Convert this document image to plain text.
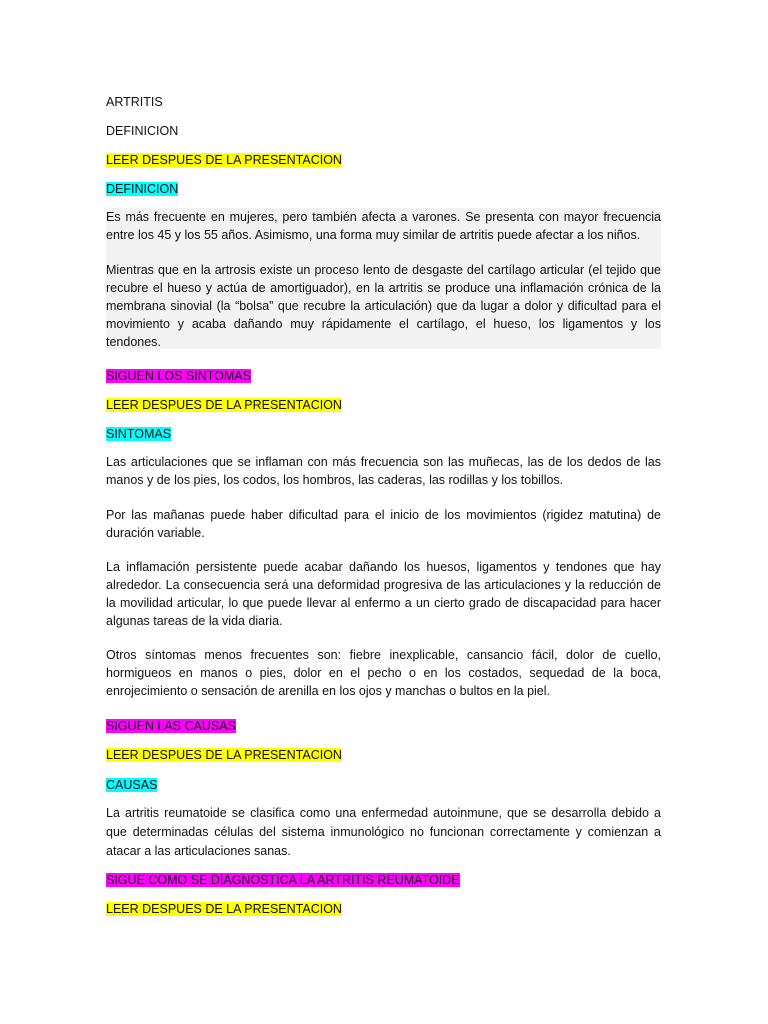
ARTRITIS
DEFINICION
LEER DESPUES DE LA PRESENTACION
DEFINICION
Es más frecuente en mujeres, pero también afecta a varones. Se presenta con mayor frecuencia entre los 45 y los 55 años. Asimismo, una forma muy similar de artritis puede afectar a los niños.
Mientras que en la artrosis existe un proceso lento de desgaste del cartílago articular (el tejido que recubre el hueso y actúa de amortiguador), en la artritis se produce una inflamación crónica de la membrana sinovial (la “bolsa” que recubre la articulación) que da lugar a dolor y dificultad para el movimiento y acaba dañando muy rápidamente el cartílago, el hueso, los ligamentos y los tendones.
SIGUEN LOS SINTOMAS
LEER DESPUES DE LA PRESENTACION
SINTOMAS
Las articulaciones que se inflaman con más frecuencia son las muñecas, las de los dedos de las manos y de los pies, los codos, los hombros, las caderas, las rodillas y los tobillos.
Por las mañanas puede haber dificultad para el inicio de los movimientos (rigidez matutina) de duración variable.
La inflamación persistente puede acabar dañando los huesos, ligamentos y tendones que hay alrededor. La consecuencia será una deformidad progresiva de las articulaciones y la reducción de la movilidad articular, lo que puede llevar al enfermo a un cierto grado de discapacidad para hacer algunas tareas de la vida diaria.
Otros síntomas menos frecuentes son: fiebre inexplicable, cansancio fácil, dolor de cuello, hormigueos en manos o pies, dolor en el pecho o en los costados, sequedad de la boca, enrojecimiento o sensación de arenilla en los ojos y manchas o bultos en la piel.
SIGUEN LAS CAUSAS
LEER DESPUES DE LA PRESENTACION
CAUSAS
La artritis reumatoide se clasifica como una enfermedad autoinmune, que se desarrolla debido a que determinadas células del sistema inmunológico no funcionan correctamente y comienzan a atacar a las articulaciones sanas.
SIGUE COMO SE DIAGNOSTICA LA ARTRITIS REUMATOIDE
LEER DESPUES DE LA PRESENTACION
